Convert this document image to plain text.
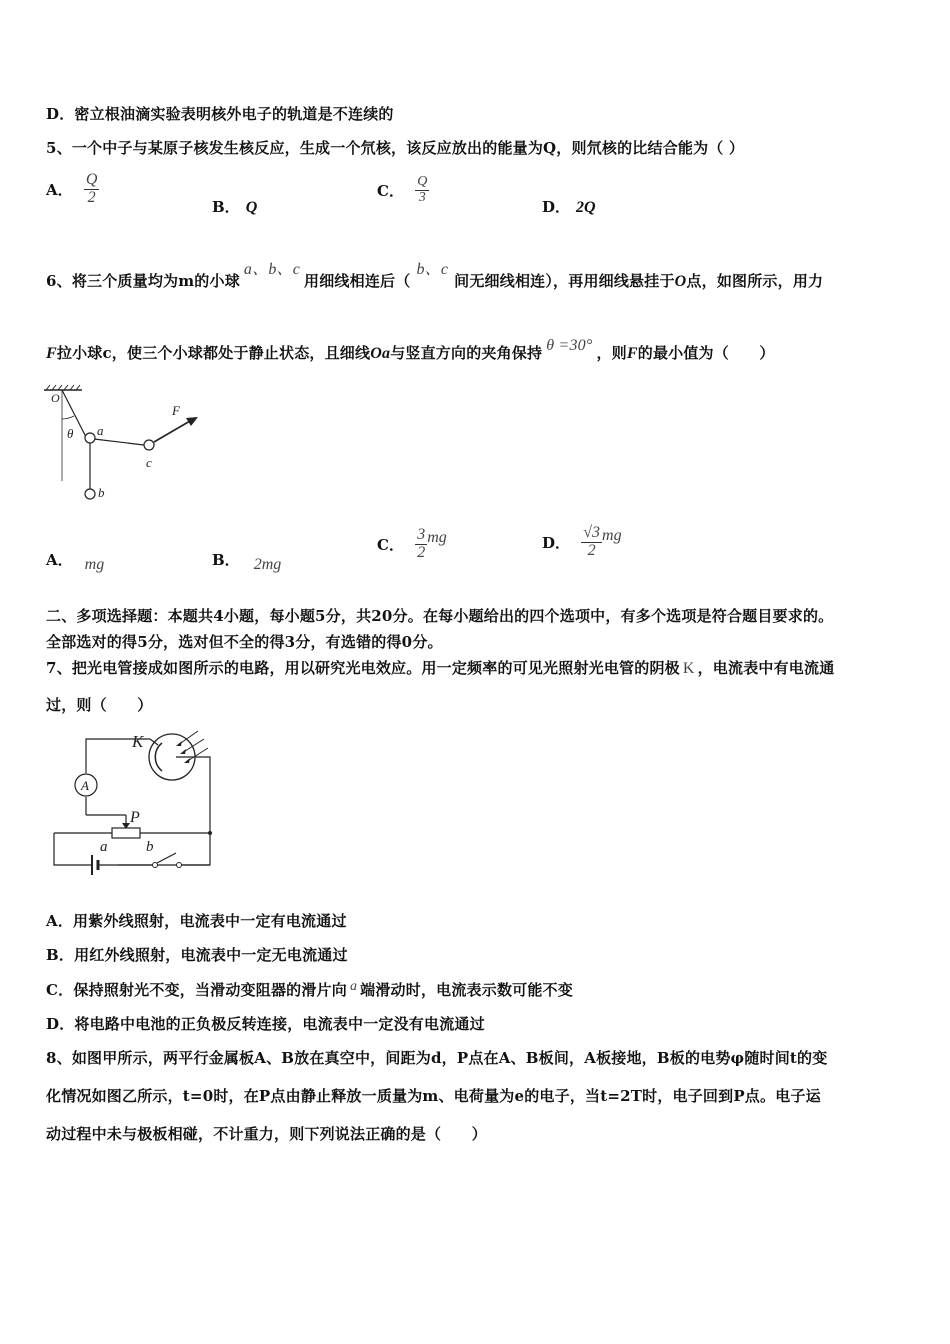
D．密立根油滴实验表明核外电子的轨道是不连续的
5、一个中子与某原子核发生核反应，生成一个氘核，该反应放出的能量为Q，则氘核的比结合能为（ ）
A． $\frac{Q}{2}$
B． Q
C． $\frac{Q}{3}$
D． 2Q
6、将三个质量均为m的小球a、b、c用细线相连后（b、c间无细线相连），再用细线悬挂于O点，如图所示，用力
F拉小球c，使三个小球都处于静止状态，且细线Oa与竖直方向的夹角保持 θ =30° ，则F的最小值为（　　）
O
θ a
b
c
F
A． mg	B． 2mg
C． $\frac{3}{2}$ mg	D． $\frac{√3}{2}$ mg
二、多项选择题：本题共4小题，每小题5分，共20分。在每小题给出的四个选项中，有多个选项是符合题目要求的。
全部选对的得5分，选对但不全的得3分，有选错的得0分。
7、把光电管接成如图所示的电路，用以研究光电效应。用一定频率的可见光照射光电管的阴极 K ，电流表中有电流通
过，则（　　）
A
K
P
a	b
A．用紫外线照射，电流表中一定有电流通过
B．用红外线照射，电流表中一定无电流通过
C．保持照射光不变，当滑动变阻器的滑片向 a 端滑动时，电流表示数可能不变
D．将电路中电池的正负极反转连接，电流表中一定没有电流通过
8、如图甲所示，两平行金属板A、B放在真空中，间距为d，P点在A、B板间，A板接地，B板的电势φ随时间t的变
化情况如图乙所示，t=0时，在P点由静止释放一质量为m、电荷量为e的电子，当t=2T时，电子回到P点。电子运
动过程中未与极板相碰，不计重力，则下列说法正确的是（　　）
